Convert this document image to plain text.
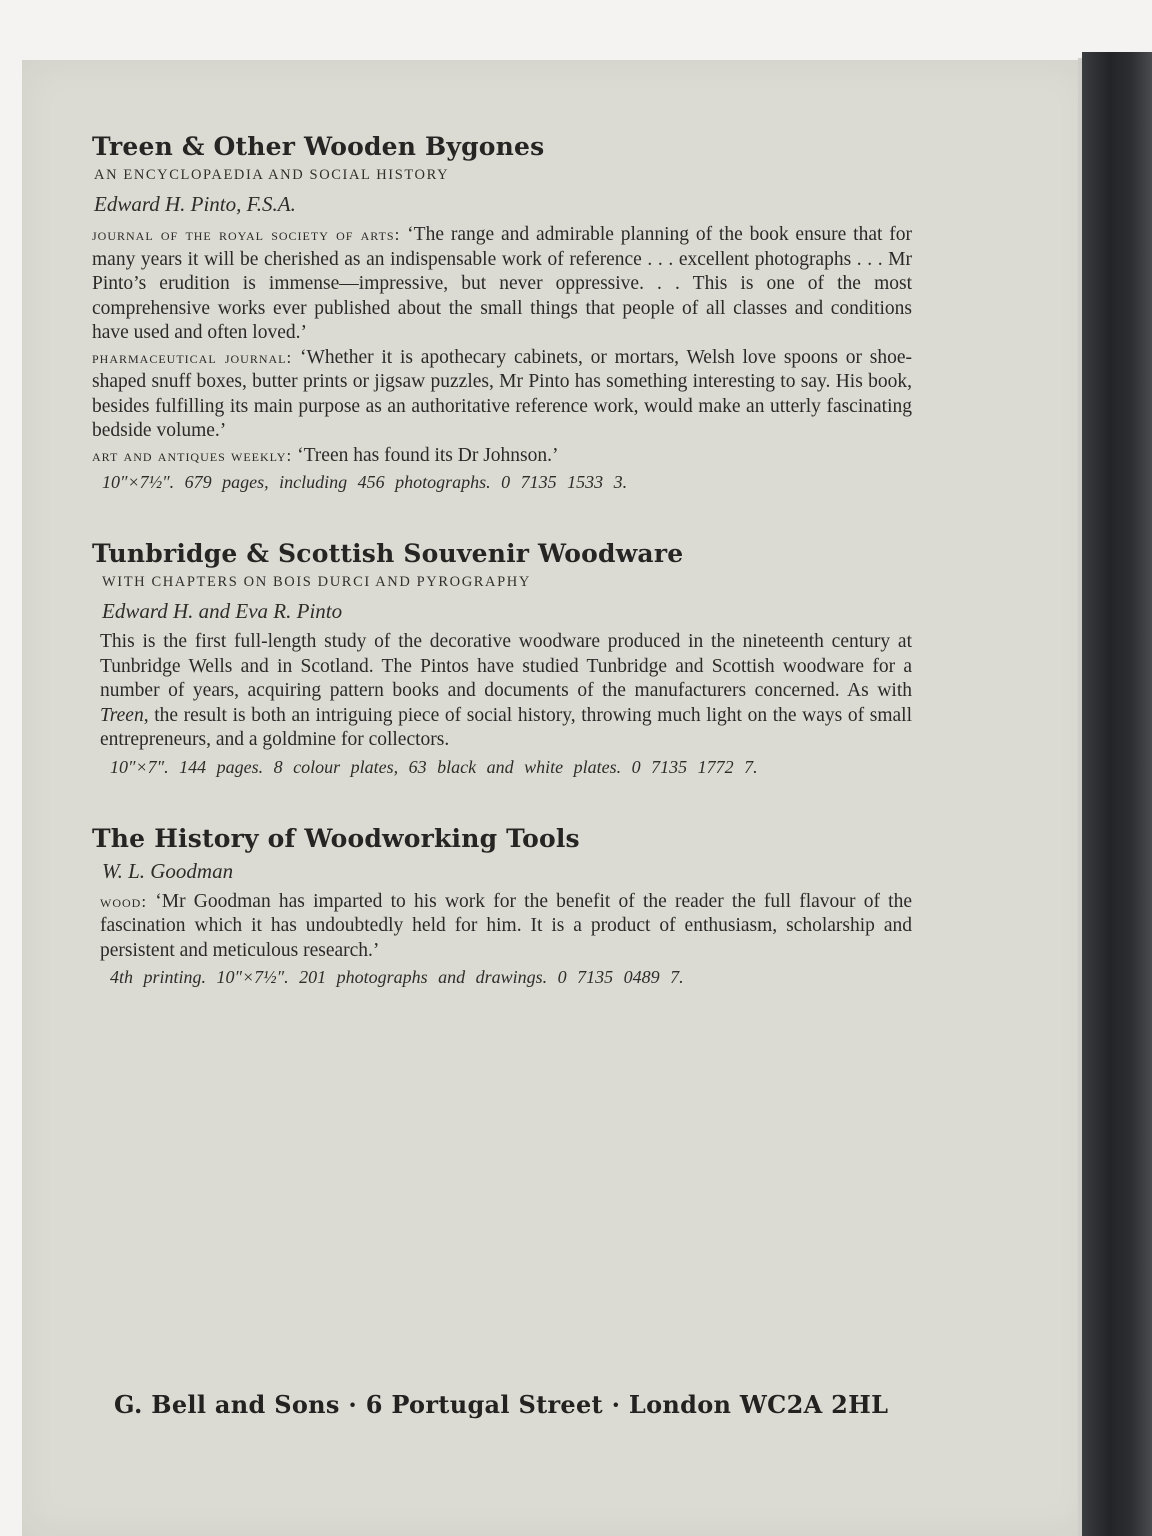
Treen & Other Wooden Bygones
AN ENCYCLOPAEDIA AND SOCIAL HISTORY
Edward H. Pinto, F.S.A.

journal of the royal society of arts: ‘The range and admirable planning of the book ensure that for many years it will be cherished as an indispensable work of reference . . . excellent photographs . . . Mr Pinto’s erudition is immense—impressive, but never oppressive. . . This is one of the most comprehensive works ever published about the small things that people of all classes and conditions have used and often loved.’

pharmaceutical journal: ‘Whether it is apothecary cabinets, or mortars, Welsh love spoons or shoe-shaped snuff boxes, butter prints or jigsaw puzzles, Mr Pinto has something interesting to say. His book, besides fulfilling its main purpose as an authoritative reference work, would make an utterly fascinating bedside volume.’

art and antiques weekly: ‘Treen has found its Dr Johnson.’

10″×7½″. 679 pages, including 456 photographs. 0 7135 1533 3.
Tunbridge & Scottish Souvenir Woodware
WITH CHAPTERS ON BOIS DURCI AND PYROGRAPHY
Edward H. and Eva R. Pinto

This is the first full-length study of the decorative woodware produced in the nineteenth century at Tunbridge Wells and in Scotland. The Pintos have studied Tunbridge and Scottish woodware for a number of years, acquiring pattern books and documents of the manufacturers concerned. As with Treen, the result is both an intriguing piece of social history, throwing much light on the ways of small entrepreneurs, and a goldmine for collectors.

10″×7″. 144 pages. 8 colour plates, 63 black and white plates. 0 7135 1772 7.
The History of Woodworking Tools
W. L. Goodman

wood: ‘Mr Goodman has imparted to his work for the benefit of the reader the full flavour of the fascination which it has undoubtedly held for him. It is a product of enthusiasm, scholarship and persistent and meticulous research.’

4th printing. 10″×7½″. 201 photographs and drawings. 0 7135 0489 7.
G. Bell and Sons · 6 Portugal Street · London WC2A 2HL
